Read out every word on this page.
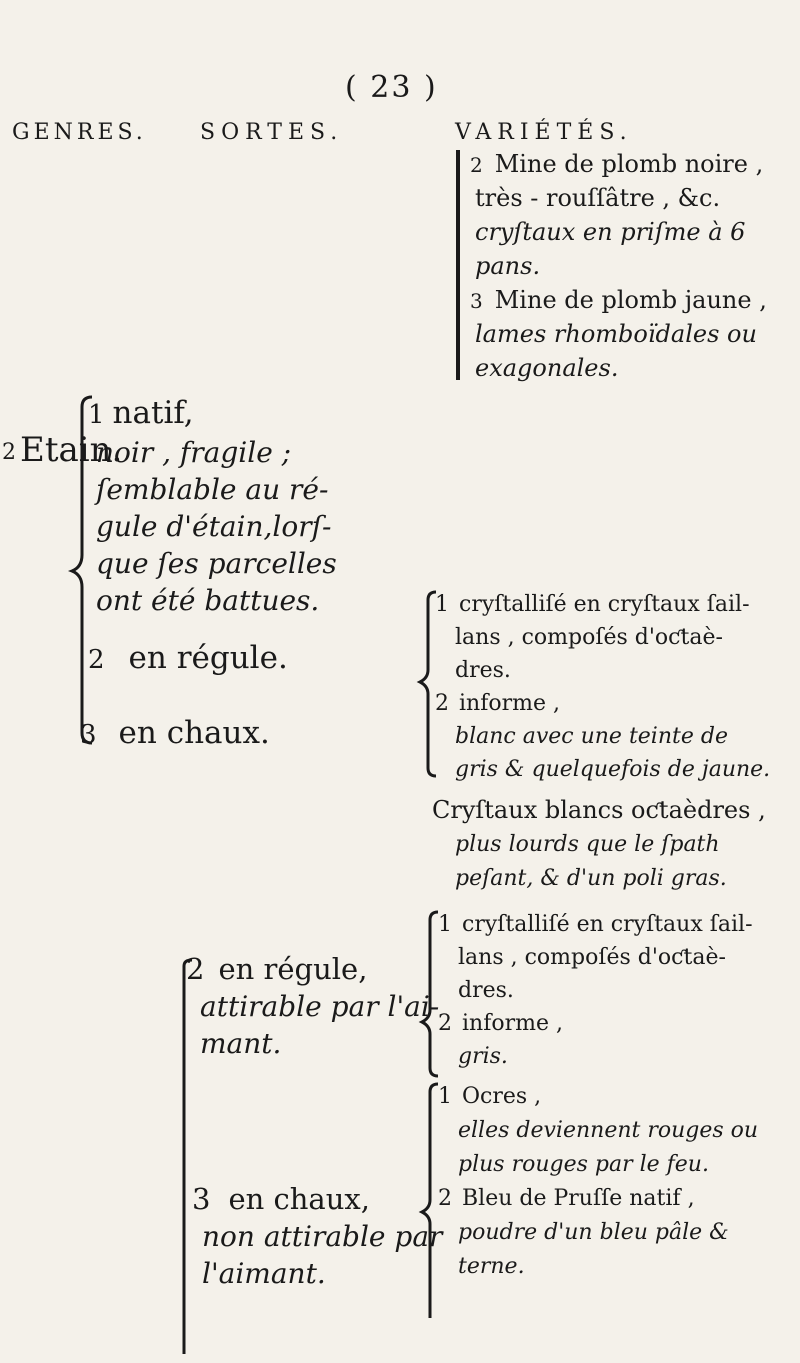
( 23 )
GENRES. SORTES.	VARIÉTÉS.
2 Etain.
2 Mine de plomb noire ,
très - rouſſâtre , &c.
cryſtaux en priſme à 6
pans.
3 Mine de plomb jaune ,
lames rhomboïdales ou
exagonales.
1 natif,
noir , fragile ;
ſemblable au ré-
gule d'étain,lorſ-
que ſes parcelles
ont été battues.
2 en régule.
3 en chaux.
1 cryſtalliſé en cryſtaux ſail-
lans , compoſés d'oƈtaè-
dres.
2 informe ,
blanc avec une teinte de
gris & quelquefois de jaune.
Cryſtaux blancs oƈtaèdres ,
plus lourds que le ſpath
peſant, & d'un poli gras.
2 en régule,
attirable par l'ai-
mant.
3 en chaux,
non attirable par
l'aimant.
1 cryſtalliſé en cryſtaux ſail-
lans , compoſés d'oƈtaè-
dres.
2 informe ,
gris.
1 Ocres ,
elles deviennent rouges ou
plus rouges par le feu.
2 Bleu de Pruſſe natif ,
poudre d'un bleu pâle &
terne.
